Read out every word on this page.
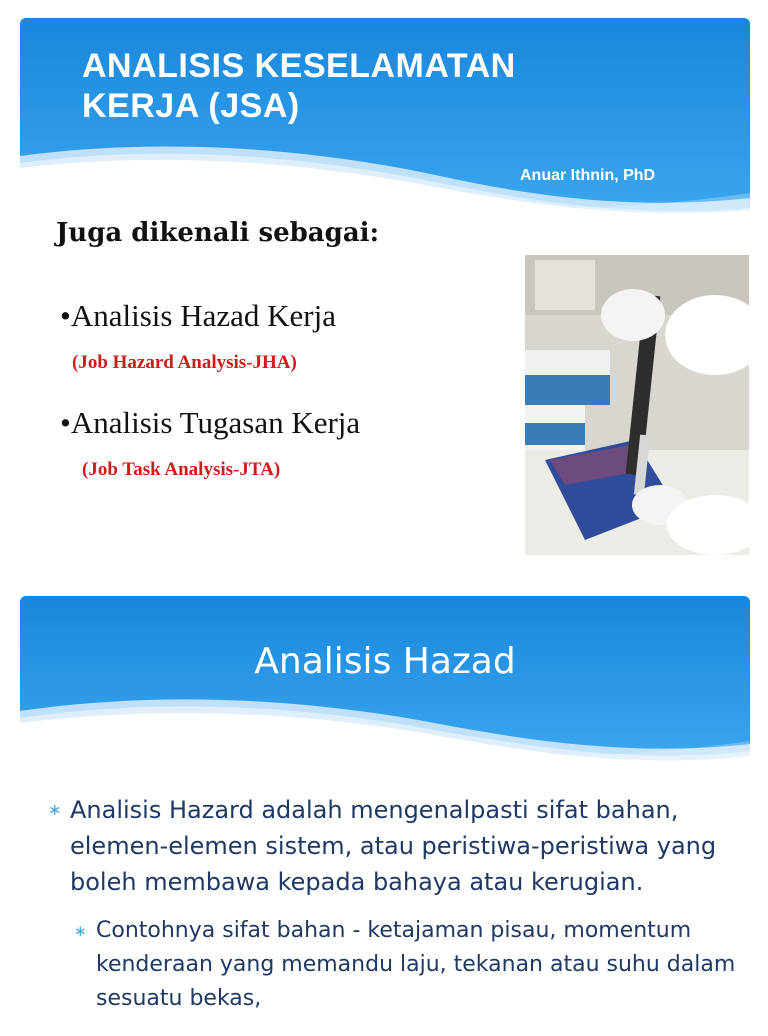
ANALISIS KESELAMATAN KERJA (JSA)
Anuar Ithnin, PhD
Juga dikenali sebagai:
•Analisis Hazad Kerja
(Job Hazard Analysis-JHA)
•Analisis Tugasan Kerja
(Job Task Analysis-JTA)
Analisis Hazad
∗ Analisis Hazard adalah mengenalpasti sifat bahan, elemen-elemen sistem, atau peristiwa-peristiwa yang boleh membawa kepada bahaya atau kerugian.
∗ Contohnya sifat bahan - ketajaman pisau, momentum kenderaan yang memandu laju, tekanan atau suhu dalam sesuatu bekas,
